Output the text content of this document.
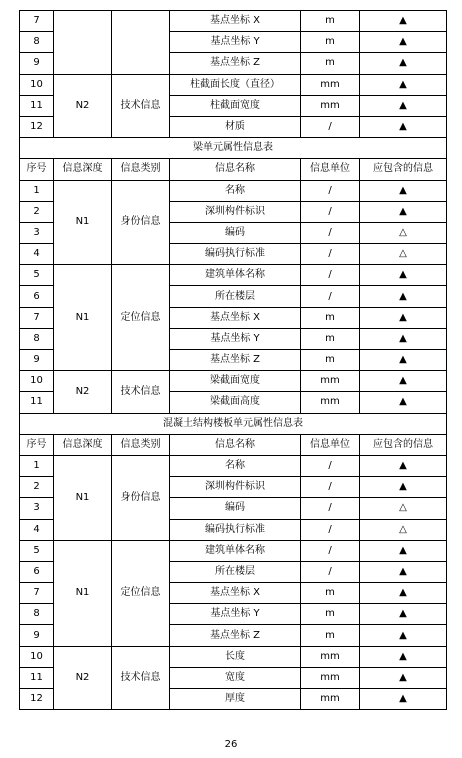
7			基点坐标 X	m	▲
8			基点坐标 Y	m	▲
9			基点坐标 Z	m	▲
10	N2	技术信息	柱截面长度（直径）	mm	▲
11			柱截面宽度	mm	▲
12			材质	/	▲
梁单元属性信息表					
序号	信息深度	信息类别	信息名称	信息单位	应包含的信息
1	N1	身份信息	名称	/	▲
2			深圳构件标识	/	▲
3			编码	/	△
4			编码执行标准	/	△
5	N1	定位信息	建筑单体名称	/	▲
6			所在楼层	/	▲
7			基点坐标 X	m	▲
8			基点坐标 Y	m	▲
9			基点坐标 Z	m	▲
10	N2	技术信息	梁截面宽度	mm	▲
11			梁截面高度	mm	▲
混凝土结构楼板单元属性信息表					
序号	信息深度	信息类别	信息名称	信息单位	应包含的信息
1	N1	身份信息	名称	/	▲
2			深圳构件标识	/	▲
3			编码	/	△
4			编码执行标准	/	△
5	N1	定位信息	建筑单体名称	/	▲
6			所在楼层	/	▲
7			基点坐标 X	m	▲
8			基点坐标 Y	m	▲
9			基点坐标 Z	m	▲
10	N2	技术信息	长度	mm	▲
11			宽度	mm	▲
12			厚度	mm	▲
26
